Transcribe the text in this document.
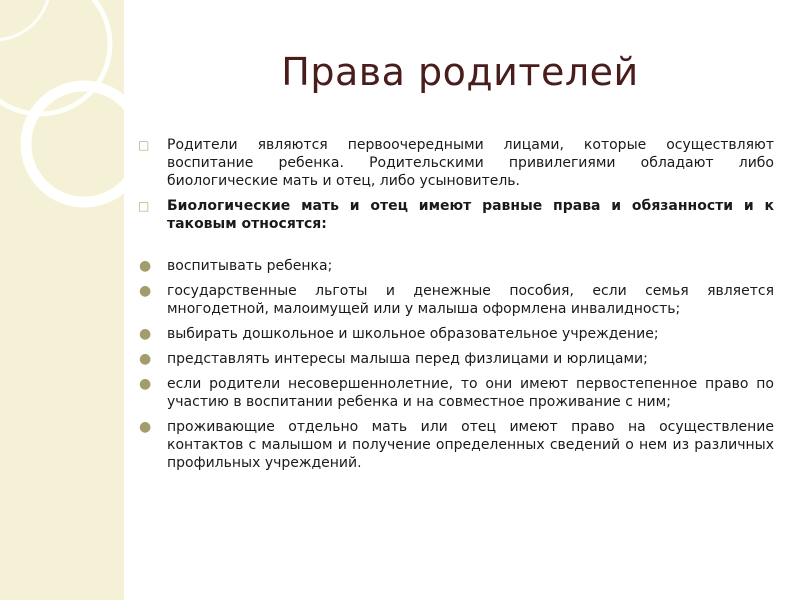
Права родителей
□ Родители являются первоочередными лицами, которые осуществляют воспитание ребенка. Родительскими привилегиями обладают либо биологические мать и отец, либо усыновитель.
□ Биологические мать и отец имеют равные права и обязанности и к таковым относятся:
● воспитывать ребенка;
● государственные льготы и денежные пособия, если семья является многодетной, малоимущей или у малыша оформлена инвалидность;
● выбирать дошкольное и школьное образовательное учреждение;
● представлять интересы малыша перед физлицами и юрлицами;
● если родители несовершеннолетние, то они имеют первостепенное право по участию в воспитании ребенка и на совместное проживание с ним;
● проживающие отдельно мать или отец имеют право на осуществление контактов с малышом и получение определенных сведений о нем из различных профильных учреждений.
